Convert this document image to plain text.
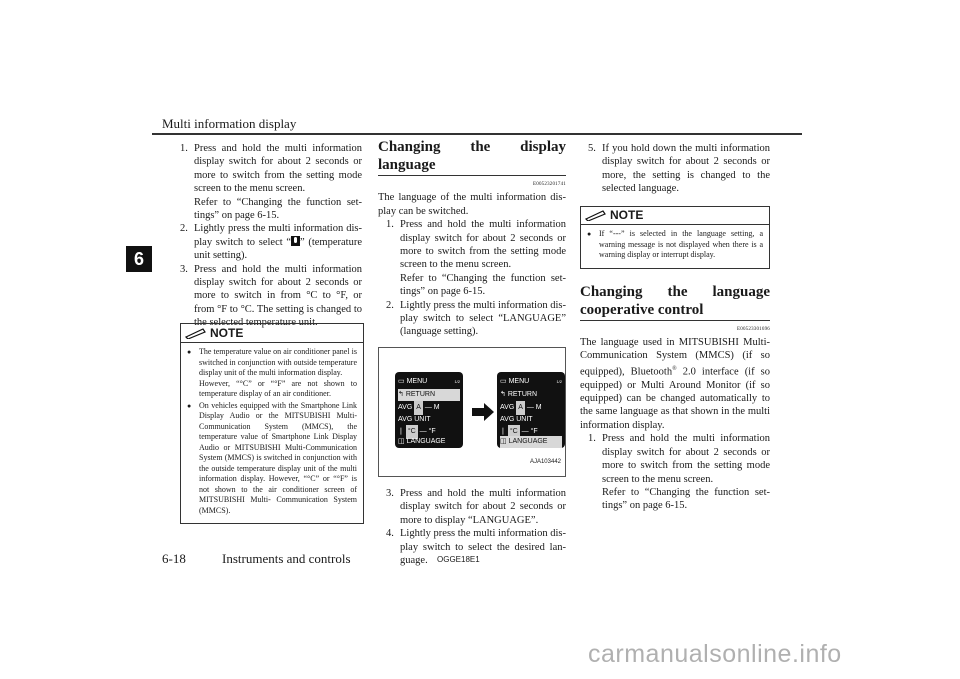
Multi information display
6
1. Press and hold the multi information display switch for about 2 seconds or more to switch from the setting mode screen to the menu screen.
Refer to “Changing the function settings” on page 6-15.
2. Lightly press the multi information display switch to select “ ” (temperature unit setting).
3. Press and hold the multi information display switch for about 2 seconds or more to switch in from °C to °F, or from °F to °C. The setting is changed to the selected temperature unit.
NOTE
● The temperature value on air conditioner panel is switched in conjunction with outside temperature display unit of the multi information display.
However, “°C” or “°F” are not shown to temperature display of an air conditioner.
● On vehicles equipped with the Smartphone Link Display Audio or the MITSUBISHI Multi- Communication System (MMCS), the temperature value of Smartphone Link Display Audio or MITSUBISHI Multi-Communication System (MMCS) is switched in conjunction with the outside temperature display unit of the multi information display. However, “°C” or “°F” is not shown to the air conditioner screen of MITSUBISHI Multi- Communication System (MMCS).

Changing the display language

E00523201741

The language of the multi information display can be switched.

1. Press and hold the multi information display switch for about 2 seconds or more to switch from the setting mode screen to the menu screen.
Refer to “Changing the function settings” on page 6-15.
2. Lightly press the multi information display switch to select “LANGUAGE” (language setting).
▭
MENU	1/2
↰
RETURN
AVG
A
—
M
AVG UNIT
❘
°C
—
°F
◫
LANGUAGE
▭
MENU	1/2
↰
RETURN
AVG
A
—
M
AVG UNIT
❘
°C
—
°F
◫
LANGUAGE
AJA103442
3. Press and hold the multi information display switch for about 2 seconds or more to display “LANGUAGE”.
4. Lightly press the multi information display switch to select the desired language.
5. If you hold down the multi information display switch for about 2 seconds or more, the setting is changed to the selected language.
NOTE
● If “---” is selected in the language setting, a warning message is not displayed when there is a warning display or interrupt display.

Changing the language cooperative control

E00523301696

The language used in MITSUBISHI Multi-Communication System (MMCS) (if so equipped), Bluetooth® 2.0 interface (if so equipped) or Multi Around Monitor (if so equipped) can be changed automatically to the same language as that shown in the multi information display.

1. Press and hold the multi information display switch for about 2 seconds or more to switch from the setting mode screen to the menu screen.
Refer to “Changing the function settings” on page 6-15.
6-18	Instruments and controls	OGGE18E1
carmanualsonline.info
